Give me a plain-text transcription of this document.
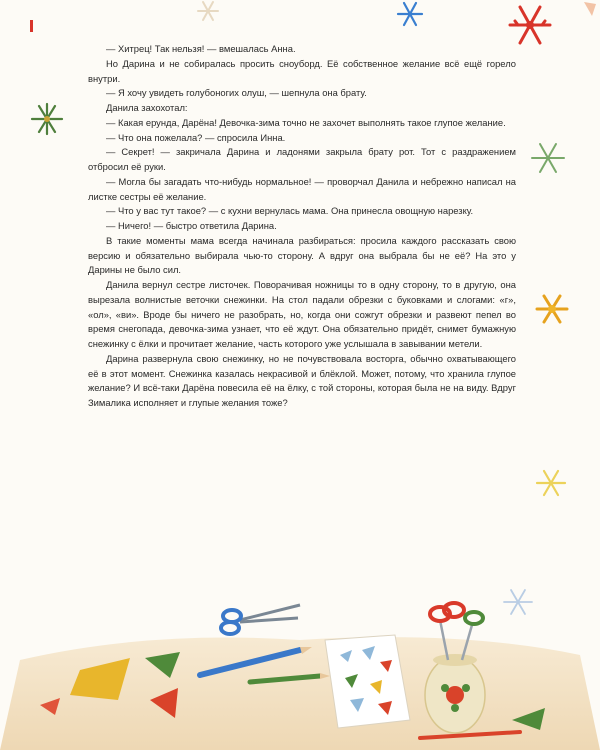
— Хитрец! Так нельзя! — вмешалась Анна.

Но Дарина и не собиралась просить сноуборд. Её собственное желание всё ещё горело внутри.

— Я хочу увидеть голубоногих олуш, — шепнула она брату.

Данила захохотал:

— Какая ерунда, Дарёна! Девочка-зима точно не захочет выполнять такое глупое желание.

— Что она пожелала? — спросила Инна.

— Секрет! — закричала Дарина и ладонями закрыла брату рот. Тот с раздражением отбросил её руки.

— Могла бы загадать что-нибудь нормальное! — проворчал Данила и небрежно написал на листке сестры её желание.

— Что у вас тут такое? — с кухни вернулась мама. Она принесла овощную нарезку.

— Ничего! — быстро ответила Дарина.

В такие моменты мама всегда начинала разбираться: просила каждого рассказать свою версию и обязательно выбирала чью-то сторону. А вдруг она выбрала бы не её? На это у Дарины не было сил.

Данила вернул сестре листочек. Поворачивая ножницы то в одну сторону, то в другую, она вырезала волнистые веточки снежинки. На стол падали обрезки с буковками и слогами: «г», «ол», «ви». Вроде бы ничего не разобрать, но, когда они сожгут обрезки и развеют пепел во время снегопада, девочка-зима узнает, что её ждут. Она обязательно придёт, снимет бумажную снежинку с ёлки и прочитает желание, часть которого уже услышала в завывании метели.

Дарина развернула свою снежинку, но не почувствовала восторга, обычно охватывающего её в этот момент. Снежинка казалась некрасивой и блёклой. Может, потому, что хранила глупое желание? И всё-таки Дарёна повесила её на ёлку, с той стороны, которая была не на виду. Вдруг Зималика исполняет и глупые желания тоже?
